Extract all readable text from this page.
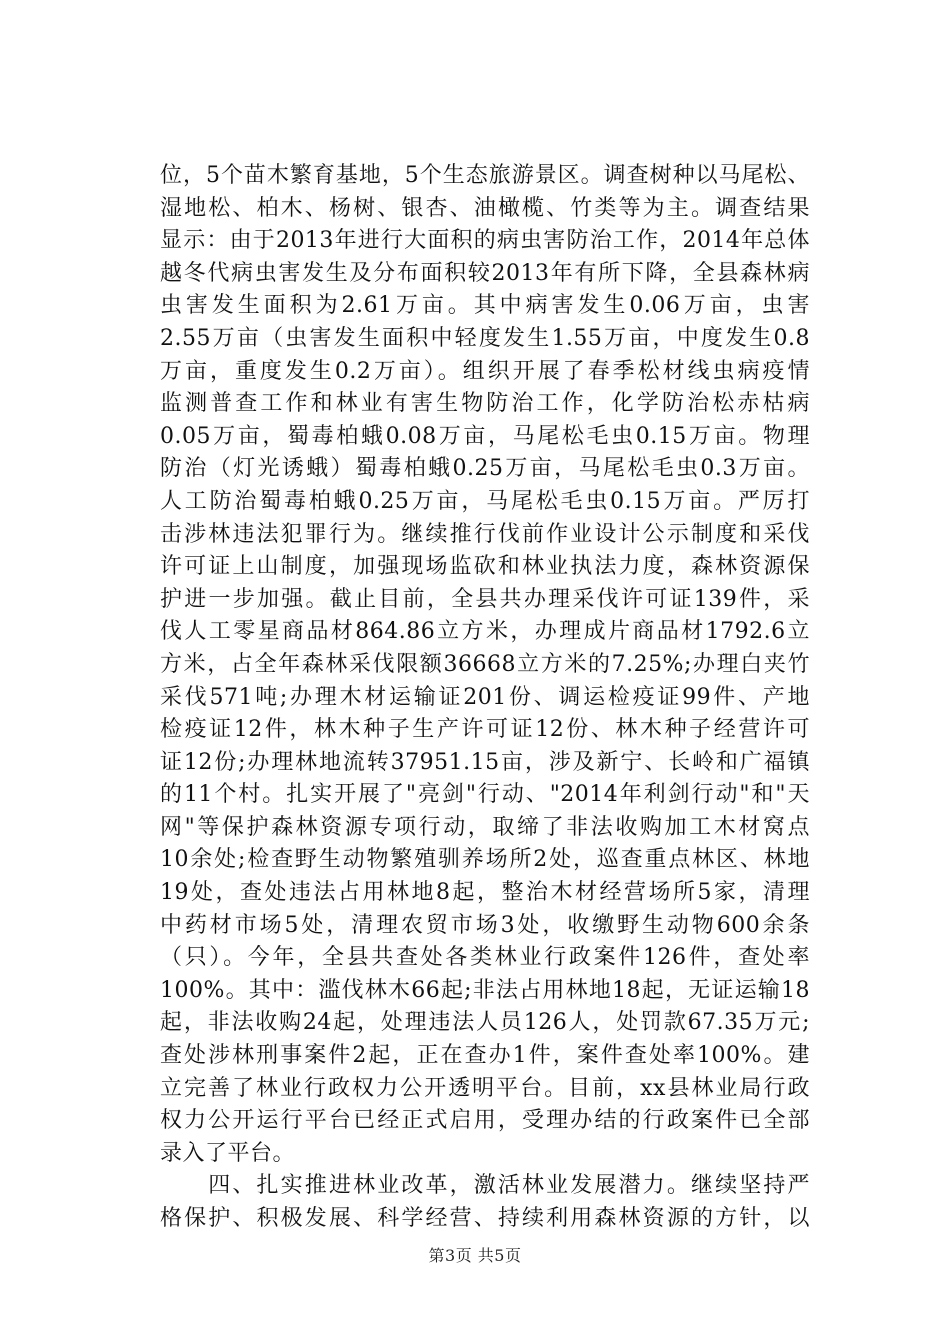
位，5个苗木繁育基地，5个生态旅游景区。调查树种以马尾松、
湿地松、柏木、杨树、银杏、油橄榄、竹类等为主。调查结果
显示：由于2013年进行大面积的病虫害防治工作，2014年总体
越冬代病虫害发生及分布面积较2013年有所下降，全县森林病
虫害发生面积为2.61万亩。其中病害发生0.06万亩，虫害
2.55万亩（虫害发生面积中轻度发生1.55万亩，中度发生0.8
万亩，重度发生0.2万亩）。组织开展了春季松材线虫病疫情
监测普查工作和林业有害生物防治工作，化学防治松赤枯病
0.05万亩，蜀毒柏蛾0.08万亩，马尾松毛虫0.15万亩。物理
防治（灯光诱蛾）蜀毒柏蛾0.25万亩，马尾松毛虫0.3万亩。
人工防治蜀毒柏蛾0.25万亩，马尾松毛虫0.15万亩。严厉打
击涉林违法犯罪行为。继续推行伐前作业设计公示制度和采伐
许可证上山制度，加强现场监砍和林业执法力度，森林资源保
护进一步加强。截止目前，全县共办理采伐许可证139件，采
伐人工零星商品材864.86立方米，办理成片商品材1792.6立
方米，占全年森林采伐限额36668立方米的7.25%;办理白夹竹
采伐571吨;办理木材运输证201份、调运检疫证99件、产地
检疫证12件，林木种子生产许可证12份、林木种子经营许可
证12份;办理林地流转37951.15亩，涉及新宁、长岭和广福镇
的11个村。扎实开展了"亮剑"行动、"2014年利剑行动"和"天
网"等保护森林资源专项行动，取缔了非法收购加工木材窝点
10余处;检查野生动物繁殖驯养场所2处，巡查重点林区、林地
19处，查处违法占用林地8起，整治木材经营场所5家，清理
中药材市场5处，清理农贸市场3处，收缴野生动物600余条
（只）。今年，全县共查处各类林业行政案件126件，查处率
100%。其中：滥伐林木66起;非法占用林地18起，无证运输18
起，非法收购24起，处理违法人员126人，处罚款67.35万元;
查处涉林刑事案件2起，正在查办1件，案件查处率100%。建
立完善了林业行政权力公开透明平台。目前，xx县林业局行政
权力公开运行平台已经正式启用，受理办结的行政案件已全部
录入了平台。
　　四、扎实推进林业改革，激活林业发展潜力。继续坚持严
格保护、积极发展、科学经营、持续利用森林资源的方针，以
第3页 共5页
